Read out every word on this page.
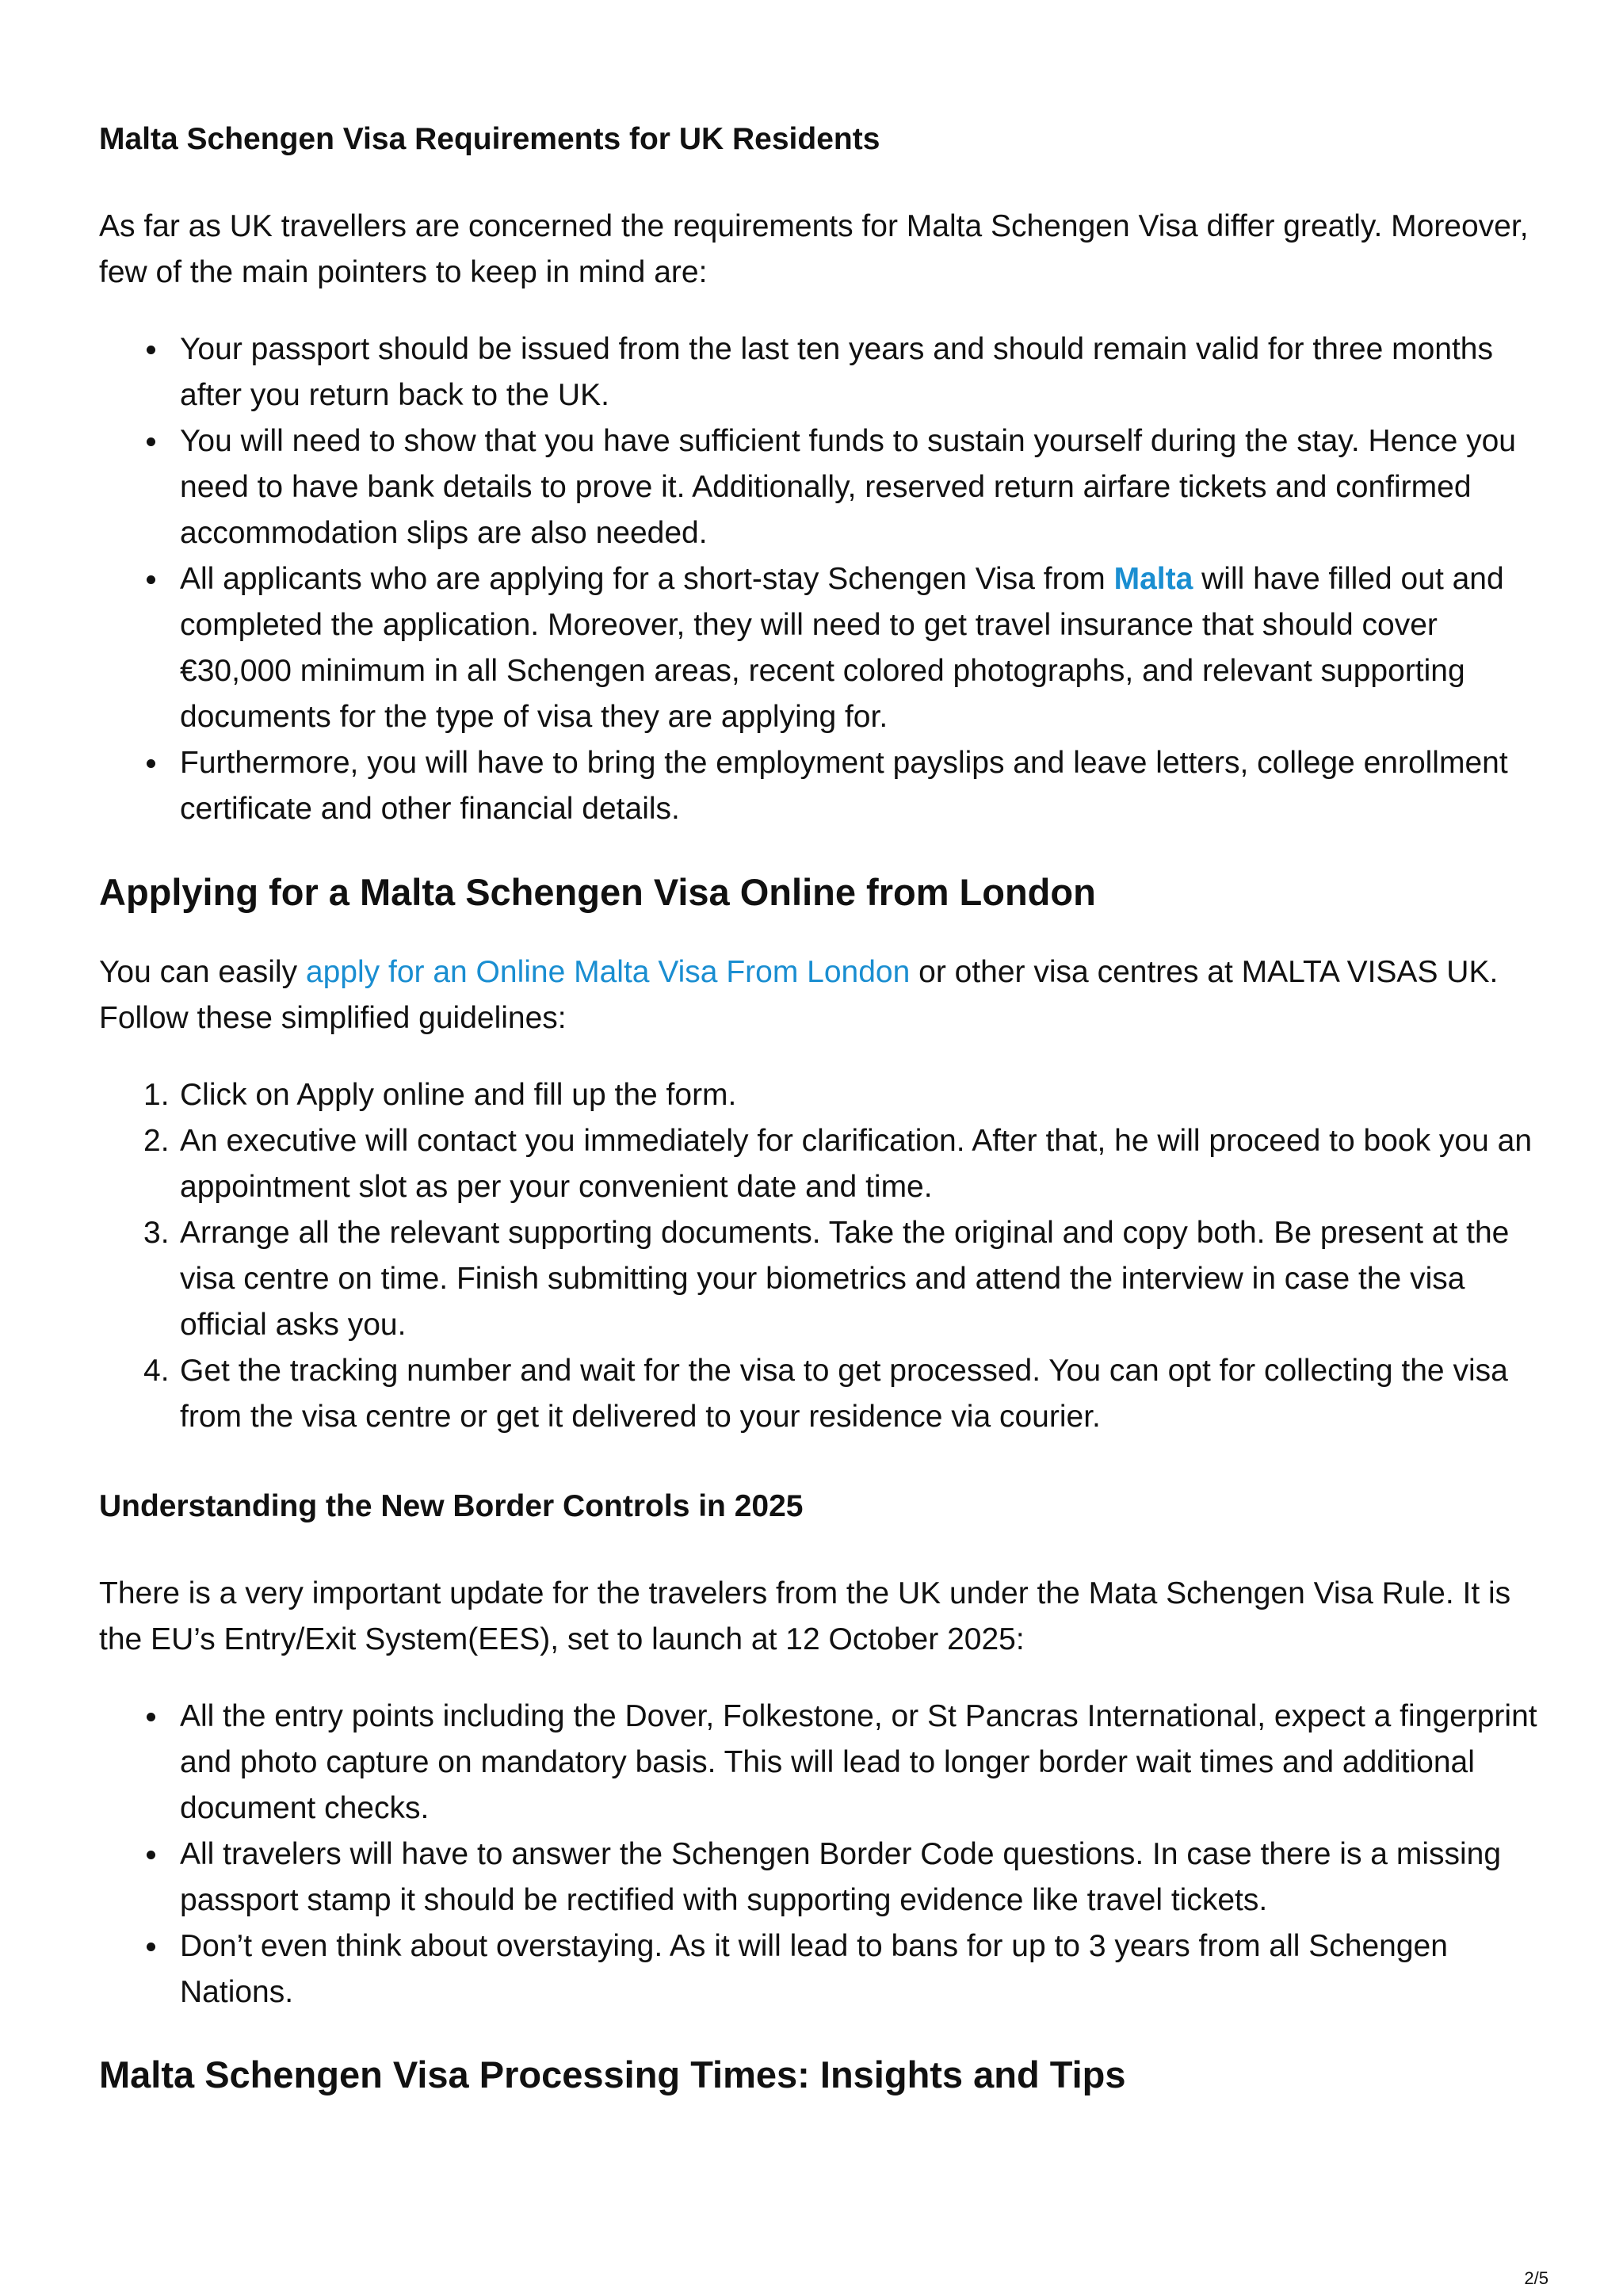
Malta Schengen Visa Requirements for UK Residents

As far as UK travellers are concerned the requirements for Malta Schengen Visa differ greatly. Moreover, few of the main pointers to keep in mind are:

Your passport should be issued from the last ten years and should remain valid for three months after you return back to the UK.
You will need to show that you have sufficient funds to sustain yourself during the stay. Hence you need to have bank details to prove it. Additionally, reserved return airfare tickets and confirmed accommodation slips are also needed.
All applicants who are applying for a short-stay Schengen Visa from Malta will have filled out and completed the application. Moreover, they will need to get travel insurance that should cover €30,000 minimum in all Schengen areas, recent colored photographs, and relevant supporting documents for the type of visa they are applying for.
Furthermore, you will have to bring the employment payslips and leave letters, college enrollment certificate and other financial details.
Applying for a Malta Schengen Visa Online from London

You can easily apply for an Online Malta Visa From London or other visa centres at MALTA VISAS UK. Follow these simplified guidelines:

1. Click on Apply online and fill up the form.
2. An executive will contact you immediately for clarification. After that, he will proceed to book you an appointment slot as per your convenient date and time.
3. Arrange all the relevant supporting documents. Take the original and copy both. Be present at the visa centre on time. Finish submitting your biometrics and attend the interview in case the visa official asks you.
4. Get the tracking number and wait for the visa to get processed. You can opt for collecting the visa from the visa centre or get it delivered to your residence via courier.
Understanding the New Border Controls in 2025

There is a very important update for the travelers from the UK under the Mata Schengen Visa Rule. It is the EU’s Entry/Exit System(EES), set to launch at 12 October 2025:

All the entry points including the Dover, Folkestone, or St Pancras International, expect a fingerprint and photo capture on mandatory basis. This will lead to longer border wait times and additional document checks.
All travelers will have to answer the Schengen Border Code questions. In case there is a missing passport stamp it should be rectified with supporting evidence like travel tickets.
Don’t even think about overstaying. As it will lead to bans for up to 3 years from all Schengen Nations.
Malta Schengen Visa Processing Times: Insights and Tips
2/5
